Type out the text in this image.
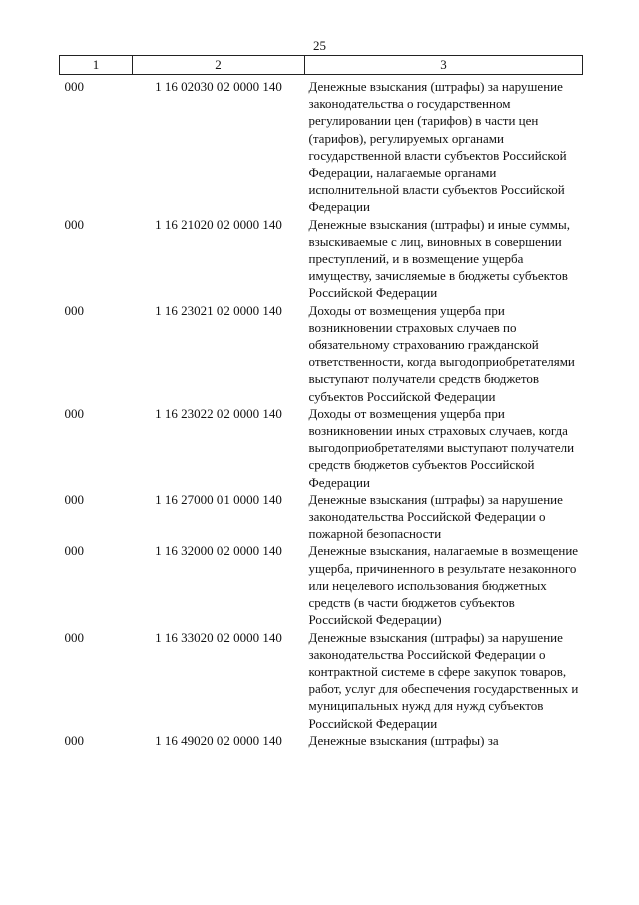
25
1	2	3
000	1 16 02030 02 0000 140	Денежные взыскания (штрафы) за нарушение законодательства о государственном регулировании цен (тарифов) в части цен (тарифов), регулируемых органами государственной власти субъектов Российской Федерации, налагаемые органами исполнительной власти субъектов Российской Федерации
000	1 16 21020 02 0000 140	Денежные взыскания (штрафы) и иные суммы, взыскиваемые с лиц, виновных в совершении преступлений, и в возмещение ущерба имуществу, зачисляемые в бюджеты субъектов Российской Федерации
000	1 16 23021 02 0000 140	Доходы от возмещения ущерба при возникновении страховых случаев по обязательному страхованию гражданской ответственности, когда выгодоприобретателями выступают получатели средств бюджетов субъектов Российской Федерации
000	1 16 23022 02 0000 140	Доходы от возмещения ущерба при возникновении иных страховых случаев, когда выгодоприобретателями выступают получатели средств бюджетов субъектов Российской Федерации
000	1 16 27000 01 0000 140	Денежные взыскания (штрафы) за нарушение законодательства Российской Федерации о пожарной безопасности
000	1 16 32000 02 0000 140	Денежные взыскания, налагаемые в возмещение ущерба, причиненного в результате незаконного или нецелевого использования бюджетных средств (в части бюджетов субъектов Российской Федерации)
000	1 16 33020 02 0000 140	Денежные взыскания (штрафы) за нарушение законодательства Российской Федерации о контрактной системе в сфере закупок товаров, работ, услуг для обеспечения государственных и муниципальных нужд для нужд субъектов Российской Федерации
000	1 16 49020 02 0000 140	Денежные взыскания (штрафы) за
